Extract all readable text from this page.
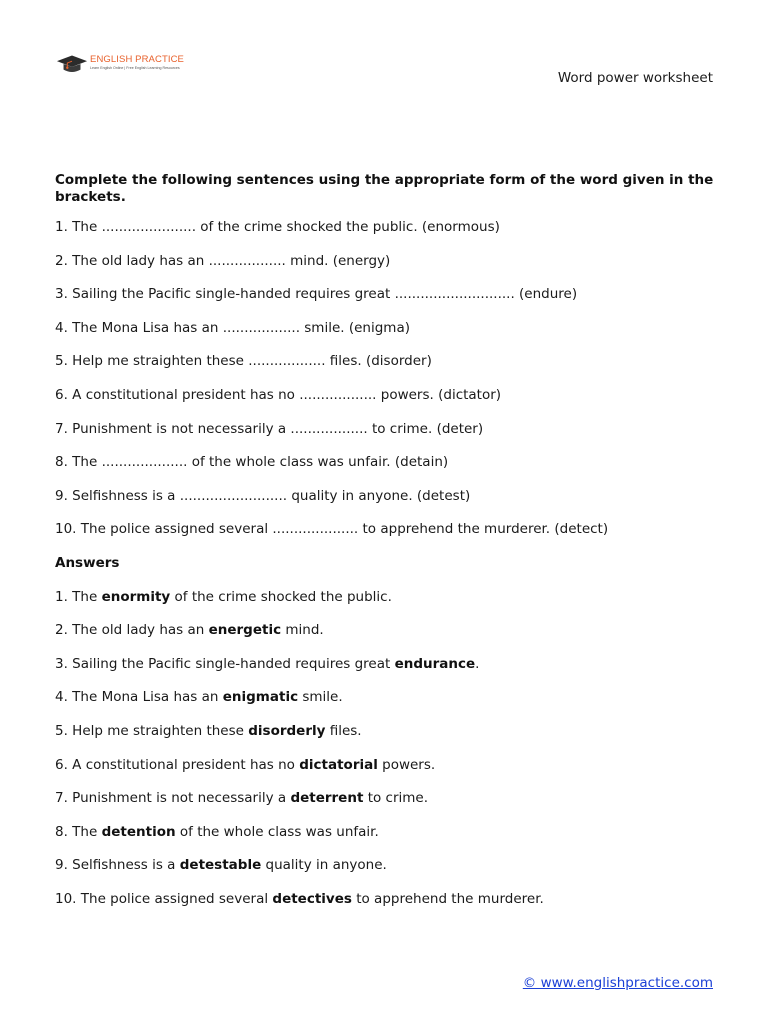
ENGLISH PRACTICE
Learn English Online | Free English Learning Resources
Word power worksheet

Complete the following sentences using the appropriate form of the word given in the brackets.

1. The ...................... of the crime shocked the public. (enormous)
2. The old lady has an .................. mind. (energy)
3. Sailing the Pacific single-handed requires great ............................ (endure)
4. The Mona Lisa has an .................. smile. (enigma)
5. Help me straighten these .................. files. (disorder)
6. A constitutional president has no .................. powers. (dictator)
7. Punishment is not necessarily a .................. to crime. (deter)
8. The .................... of the whole class was unfair. (detain)
9. Selfishness is a ......................... quality in anyone. (detest)
10. The police assigned several .................... to apprehend the murderer. (detect)

Answers

1. The enormity of the crime shocked the public.
2. The old lady has an energetic mind.
3. Sailing the Pacific single-handed requires great endurance.
4. The Mona Lisa has an enigmatic smile.
5. Help me straighten these disorderly files.
6. A constitutional president has no dictatorial powers.
7. Punishment is not necessarily a deterrent to crime.
8. The detention of the whole class was unfair.
9. Selfishness is a detestable quality in anyone.
10. The police assigned several detectives to apprehend the murderer.
© www.englishpractice.com
